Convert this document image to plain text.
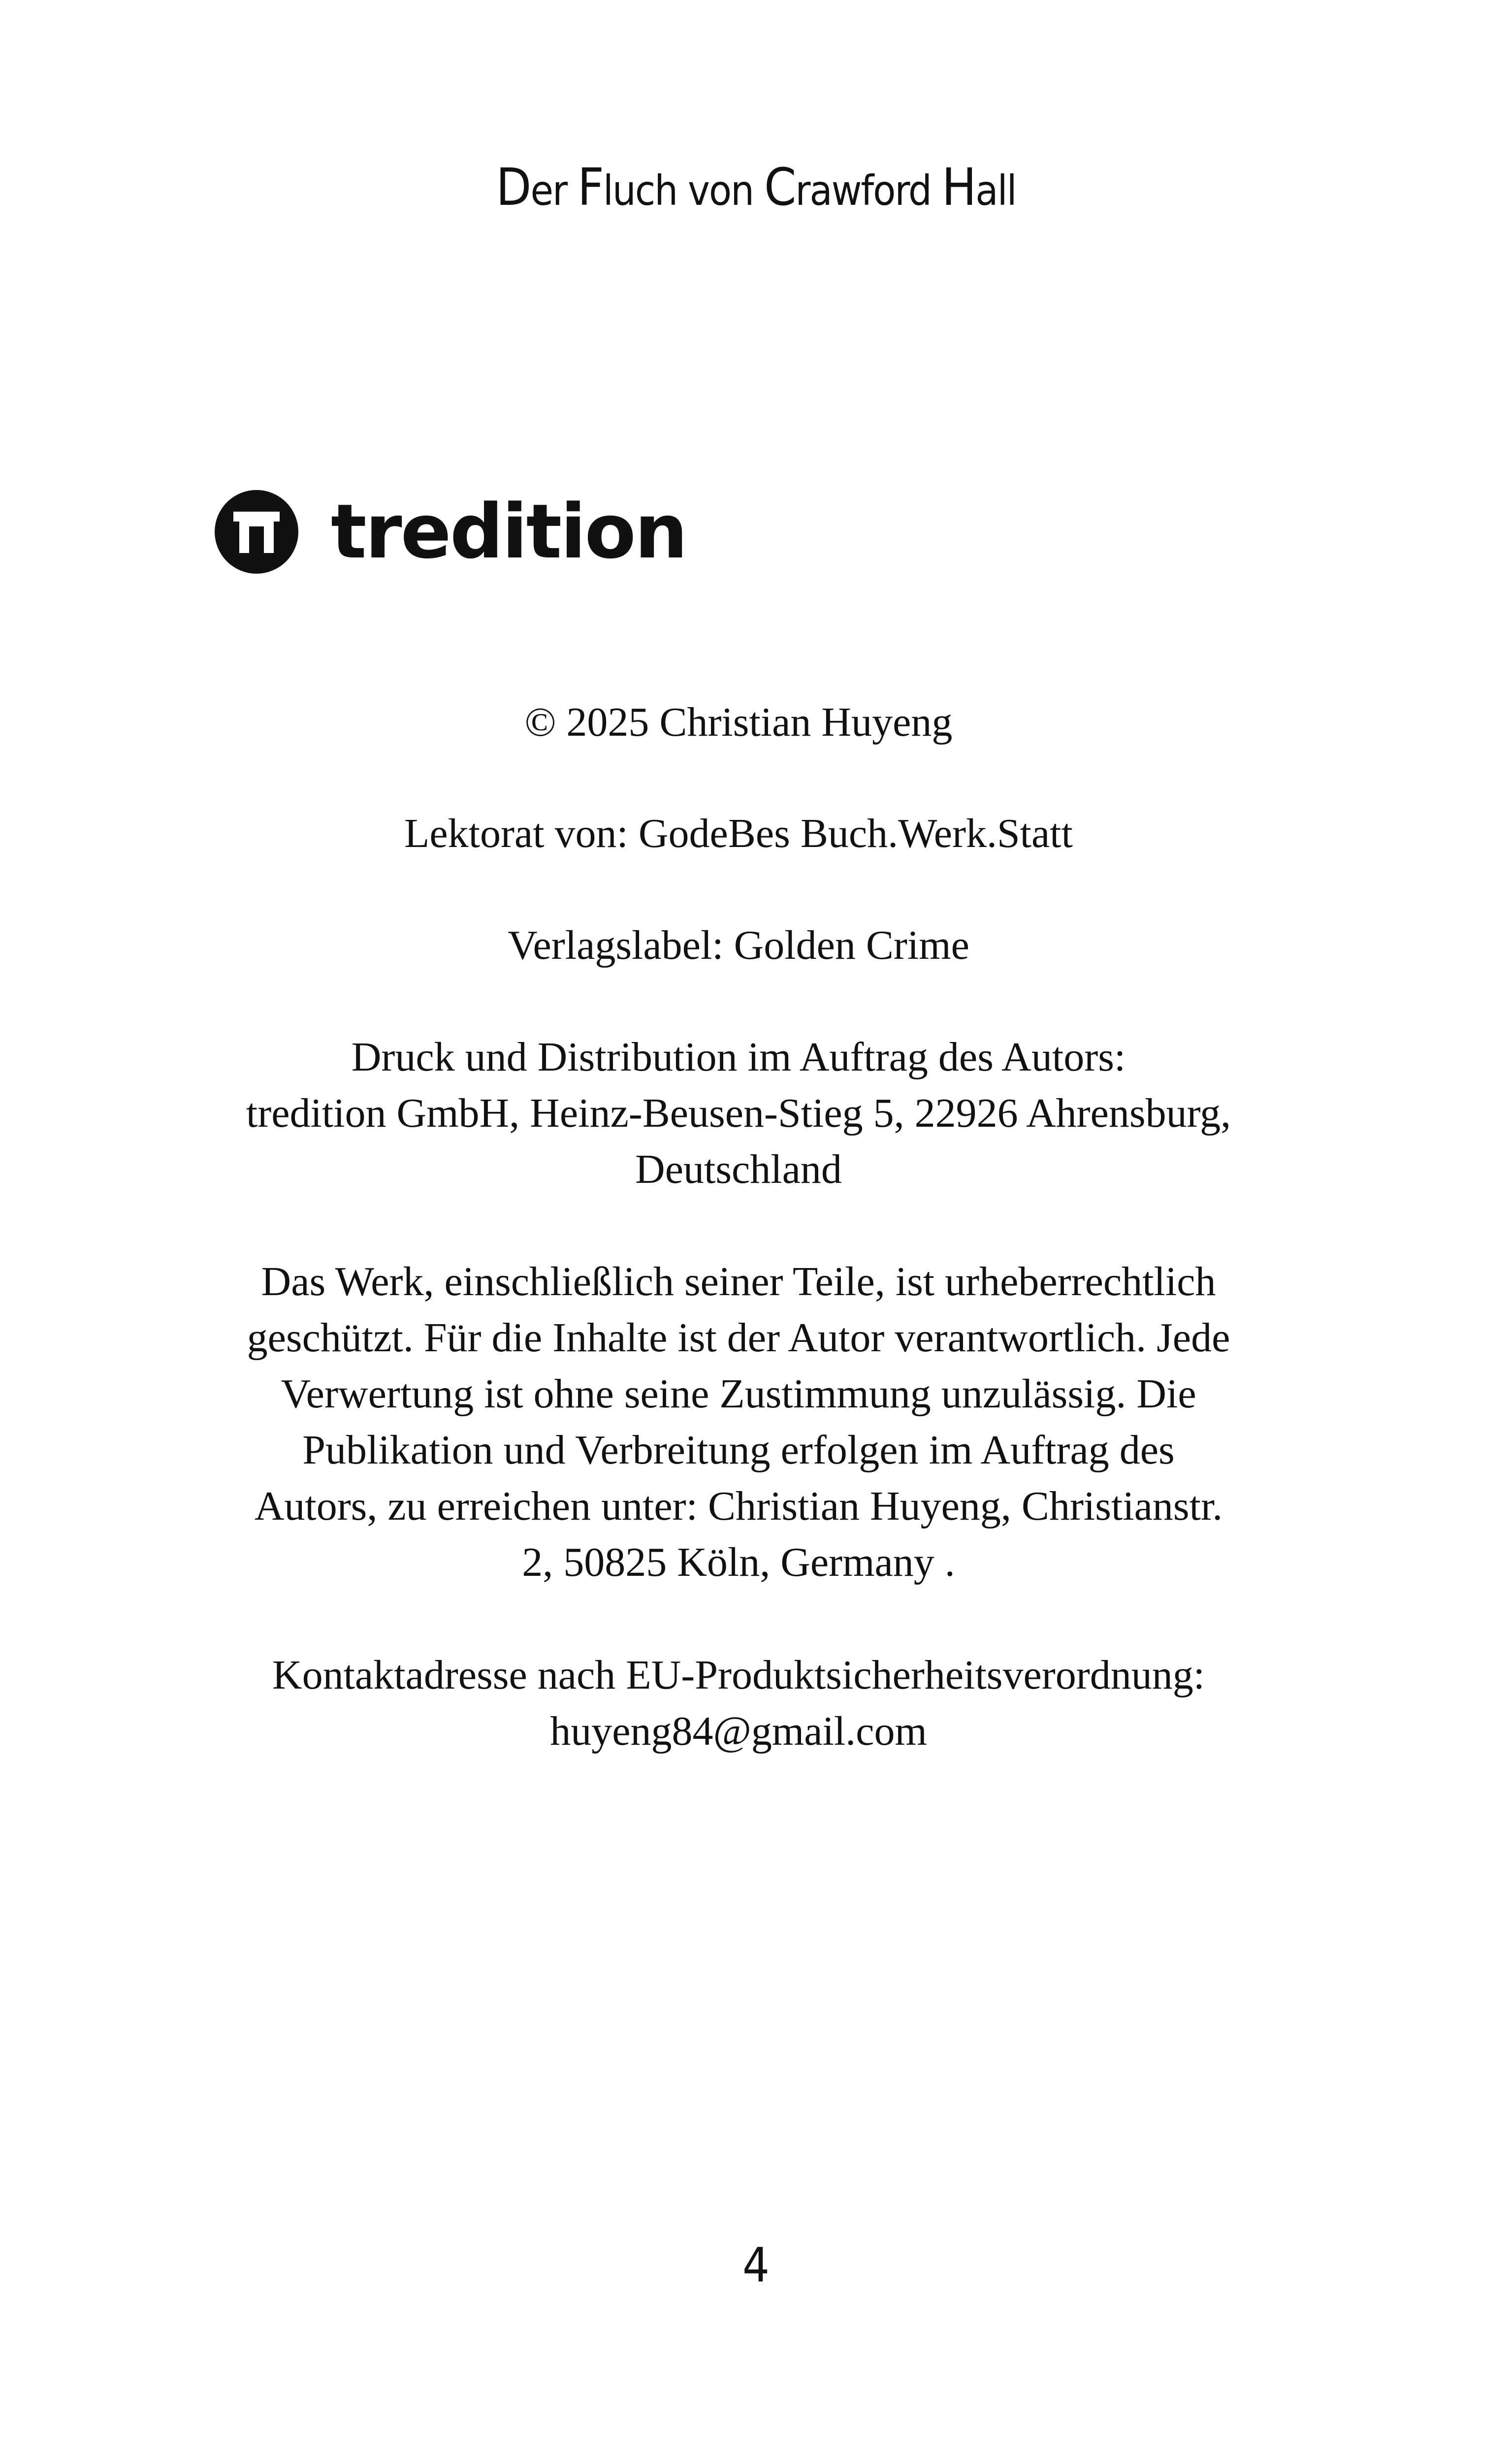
Der Fluch von Crawford Hall
tredition
© 2025 Christian Huyeng
Lektorat von: GodeBes Buch.Werk.Statt
Verlagslabel: Golden Crime
Druck und Distribution im Auftrag des Autors:
tredition GmbH, Heinz-Beusen-Stieg 5, 22926 Ahrensburg,
Deutschland
Das Werk, einschließlich seiner Teile, ist urheberrechtlich
geschützt. Für die Inhalte ist der Autor verantwortlich. Jede
Verwertung ist ohne seine Zustimmung unzulässig. Die
Publikation und Verbreitung erfolgen im Auftrag des
Autors, zu erreichen unter: Christian Huyeng, Christianstr.
2, 50825 Köln, Germany .
Kontaktadresse nach EU-Produktsicherheitsverordnung:
huyeng84@gmail.com
4
